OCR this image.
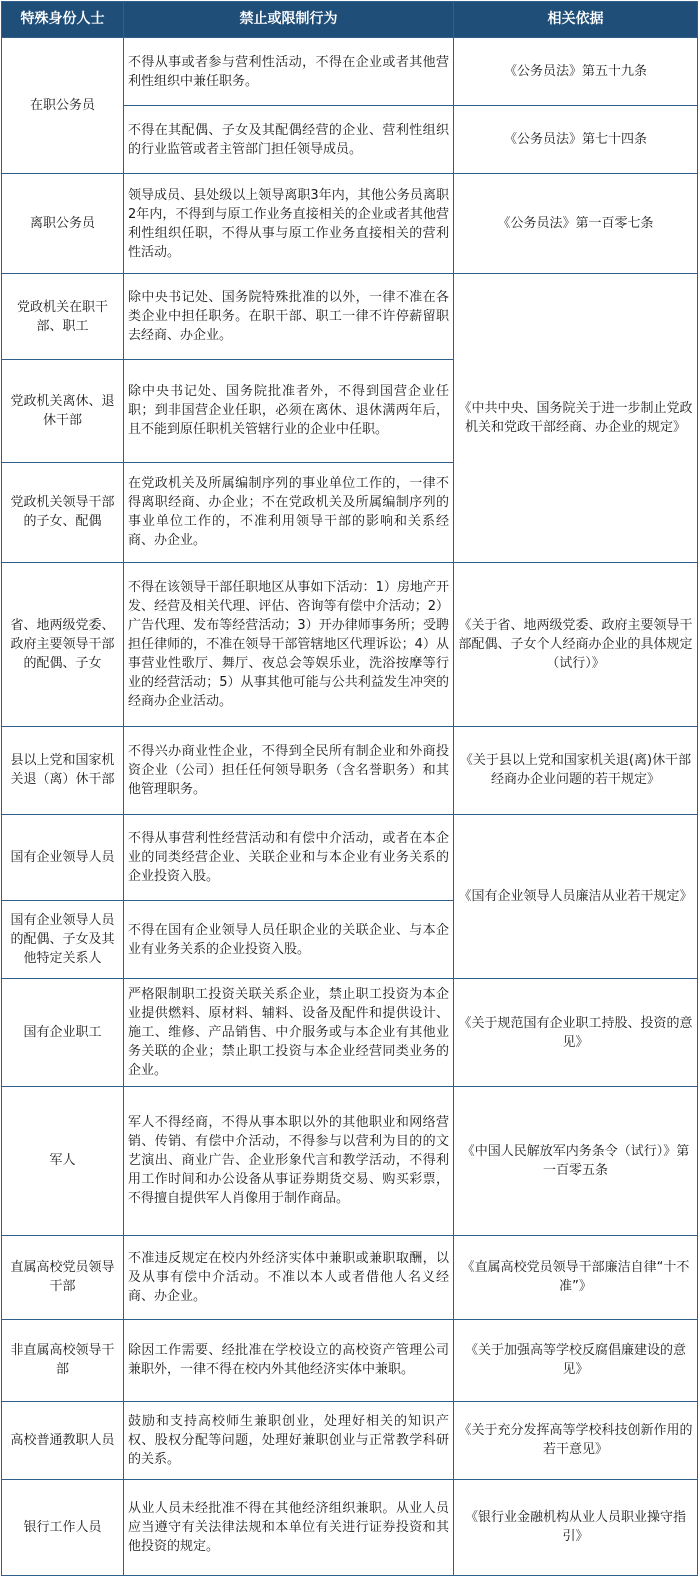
特殊身份人士	禁止或限制行为	相关依据
在职公务员	不得从事或者参与营利性活动，不得在企业或者其他营利性组织中兼任职务。	《公务员法》第五十九条
	不得在其配偶、子女及其配偶经营的企业、营利性组织的行业监管或者主管部门担任领导成员。	《公务员法》第七十四条
离职公务员	领导成员、县处级以上领导离职3年内，其他公务员离职2年内，不得到与原工作业务直接相关的企业或者其他营利性组织任职，不得从事与原工作业务直接相关的营利性活动。	《公务员法》第一百零七条
党政机关在职干部、职工	除中央书记处、国务院特殊批准的以外，一律不准在各类企业中担任职务。在职干部、职工一律不许停薪留职去经商、办企业。	《中共中央、国务院关于进一步制止党政机关和党政干部经商、办企业的规定》
党政机关离休、退休干部	除中央书记处、国务院批准者外，不得到国营企业任职；到非国营企业任职，必须在离休、退休满两年后，且不能到原任职机关管辖行业的企业中任职。	
党政机关领导干部的子女、配偶	在党政机关及所属编制序列的事业单位工作的，一律不得离职经商、办企业；不在党政机关及所属编制序列的事业单位工作的，不准利用领导干部的影响和关系经商、办企业。	
省、地两级党委、政府主要领导干部的配偶、子女	不得在该领导干部任职地区从事如下活动：1）房地产开发、经营及相关代理、评估、咨询等有偿中介活动；2）广告代理、发布等经营活动；3）开办律师事务所；受聘担任律师的，不准在领导干部管辖地区代理诉讼；4）从事营业性歌厅、舞厅、夜总会等娱乐业，洗浴按摩等行业的经营活动；5）从事其他可能与公共利益发生冲突的经商办企业活动。	《关于省、地两级党委、政府主要领导干部配偶、子女个人经商办企业的具体规定（试行）》
县以上党和国家机关退（离）休干部	不得兴办商业性企业，不得到全民所有制企业和外商投资企业（公司）担任任何领导职务（含名誉职务）和其他管理职务。	《关于县以上党和国家机关退(离)休干部经商办企业问题的若干规定》
国有企业领导人员	不得从事营利性经营活动和有偿中介活动，或者在本企业的同类经营企业、关联企业和与本企业有业务关系的企业投资入股。	《国有企业领导人员廉洁从业若干规定》
国有企业领导人员的配偶、子女及其他特定关系人	不得在国有企业领导人员任职企业的关联企业、与本企业有业务关系的企业投资入股。	
国有企业职工	严格限制职工投资关联关系企业，禁止职工投资为本企业提供燃料、原材料、辅料、设备及配件和提供设计、施工、维修、产品销售、中介服务或与本企业有其他业务关联的企业；禁止职工投资与本企业经营同类业务的企业。	《关于规范国有企业职工持股、投资的意见》
军人	军人不得经商，不得从事本职以外的其他职业和网络营销、传销、有偿中介活动，不得参与以营利为目的的文艺演出、商业广告、企业形象代言和教学活动，不得利用工作时间和办公设备从事证券期货交易、购买彩票，不得擅自提供军人肖像用于制作商品。	《中国人民解放军内务条令（试行）》第一百零五条
直属高校党员领导干部	不准违反规定在校内外经济实体中兼职或兼职取酬，以及从事有偿中介活动。不准以本人或者借他人名义经商、办企业。	《直属高校党员领导干部廉洁自律“十不准”》
非直属高校领导干部	除因工作需要、经批准在学校设立的高校资产管理公司兼职外，一律不得在校内外其他经济实体中兼职。	《关于加强高等学校反腐倡廉建设的意见》
高校普通教职人员	鼓励和支持高校师生兼职创业，处理好相关的知识产权、股权分配等问题，处理好兼职创业与正常教学科研的关系。	《关于充分发挥高等学校科技创新作用的若干意见》
银行工作人员	从业人员未经批准不得在其他经济组织兼职。从业人员应当遵守有关法律法规和本单位有关进行证券投资和其他投资的规定。	《银行业金融机构从业人员职业操守指引》
